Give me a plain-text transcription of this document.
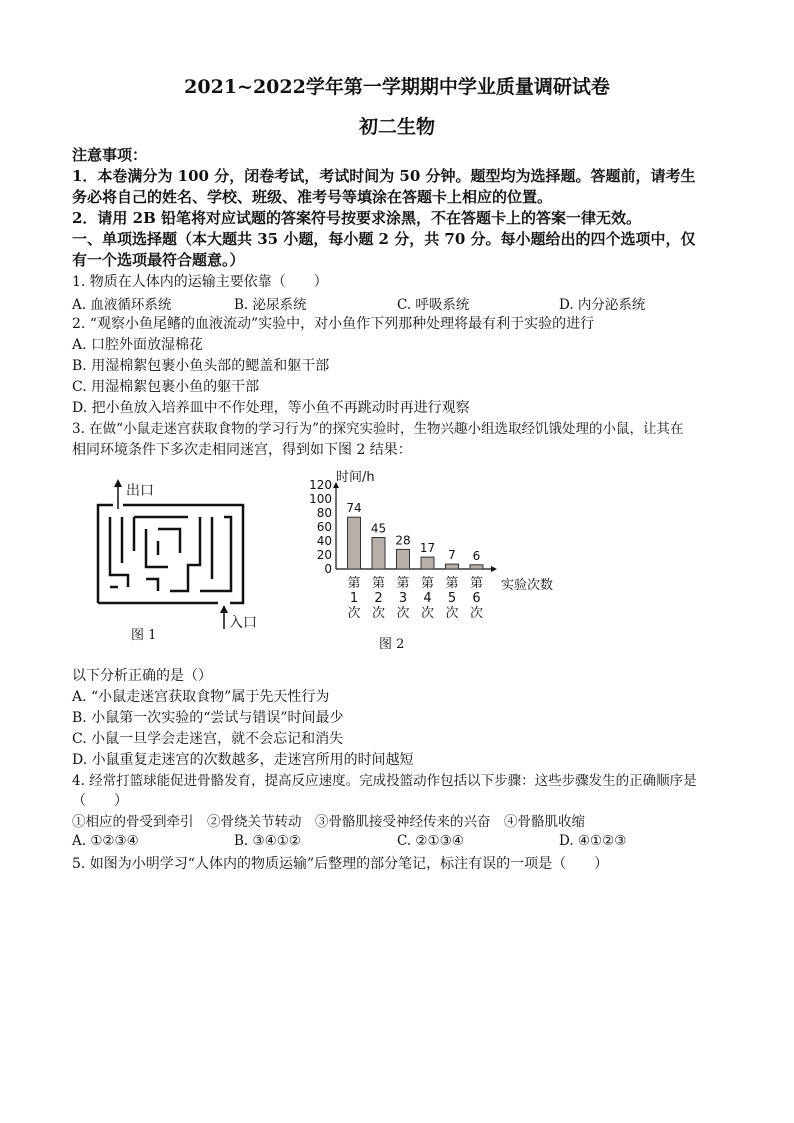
2021~2022学年第一学期期中学业质量调研试卷
初二生物
注意事项：
1．本卷满分为 100 分，闭卷考试，考试时间为 50 分钟。题型均为选择题。答题前，请考生
务必将自己的姓名、学校、班级、准考号等填涂在答题卡上相应的位置。
2．请用 2B 铅笔将对应试题的答案符号按要求涂黑，不在答题卡上的答案一律无效。
一、单项选择题（本大题共 35 小题，每小题 2 分，共 70 分。每小题给出的四个选项中，仅
有一个选项最符合题意。）
1. 物质在人体内的运输主要依靠（　　）
A. 血液循环系统	B. 泌尿系统	C. 呼吸系统	D. 内分泌系统
2. “观察小鱼尾鳍的血液流动”实验中，对小鱼作下列那种处理将最有利于实验的进行
A. 口腔外面放湿棉花
B. 用湿棉絮包裹小鱼头部的鳃盖和躯干部
C. 用湿棉絮包裹小鱼的躯干部
D. 把小鱼放入培养皿中不作处理，等小鱼不再跳动时再进行观察
3. 在做“小鼠走迷宫获取食物的学习行为”的探究实验时，生物兴趣小组选取经饥饿处理的小鼠，让其在
相同环境条件下多次走相同迷宫，得到如下图 2 结果：
出口
入口
图 1
时间/h
0
20
40
60
80
100
120
74
45
28
17 7 6
第
1
次
第
2
次
第
3
次
第
4
次
第
5
次
第
6
次
实验次数
图 2
以下分析正确的是（）
A. “小鼠走迷宫获取食物”属于先天性行为
B. 小鼠第一次实验的“尝试与错误”时间最少
C. 小鼠一旦学会走迷宫，就不会忘记和消失
D. 小鼠重复走迷宫的次数越多，走迷宫所用的时间越短
4. 经常打篮球能促进骨骼发育，提高反应速度。完成投篮动作包括以下步骤：这些步骤发生的正确顺序是
（　　）
①相应的骨受到牵引　②骨绕关节转动　③骨骼肌接受神经传来的兴奋　④骨骼肌收缩
A. ①②③④	B. ③④①②	C. ②①③④	D. ④①②③
5. 如图为小明学习“人体内的物质运输”后整理的部分笔记，标注有误的一项是（　　）
